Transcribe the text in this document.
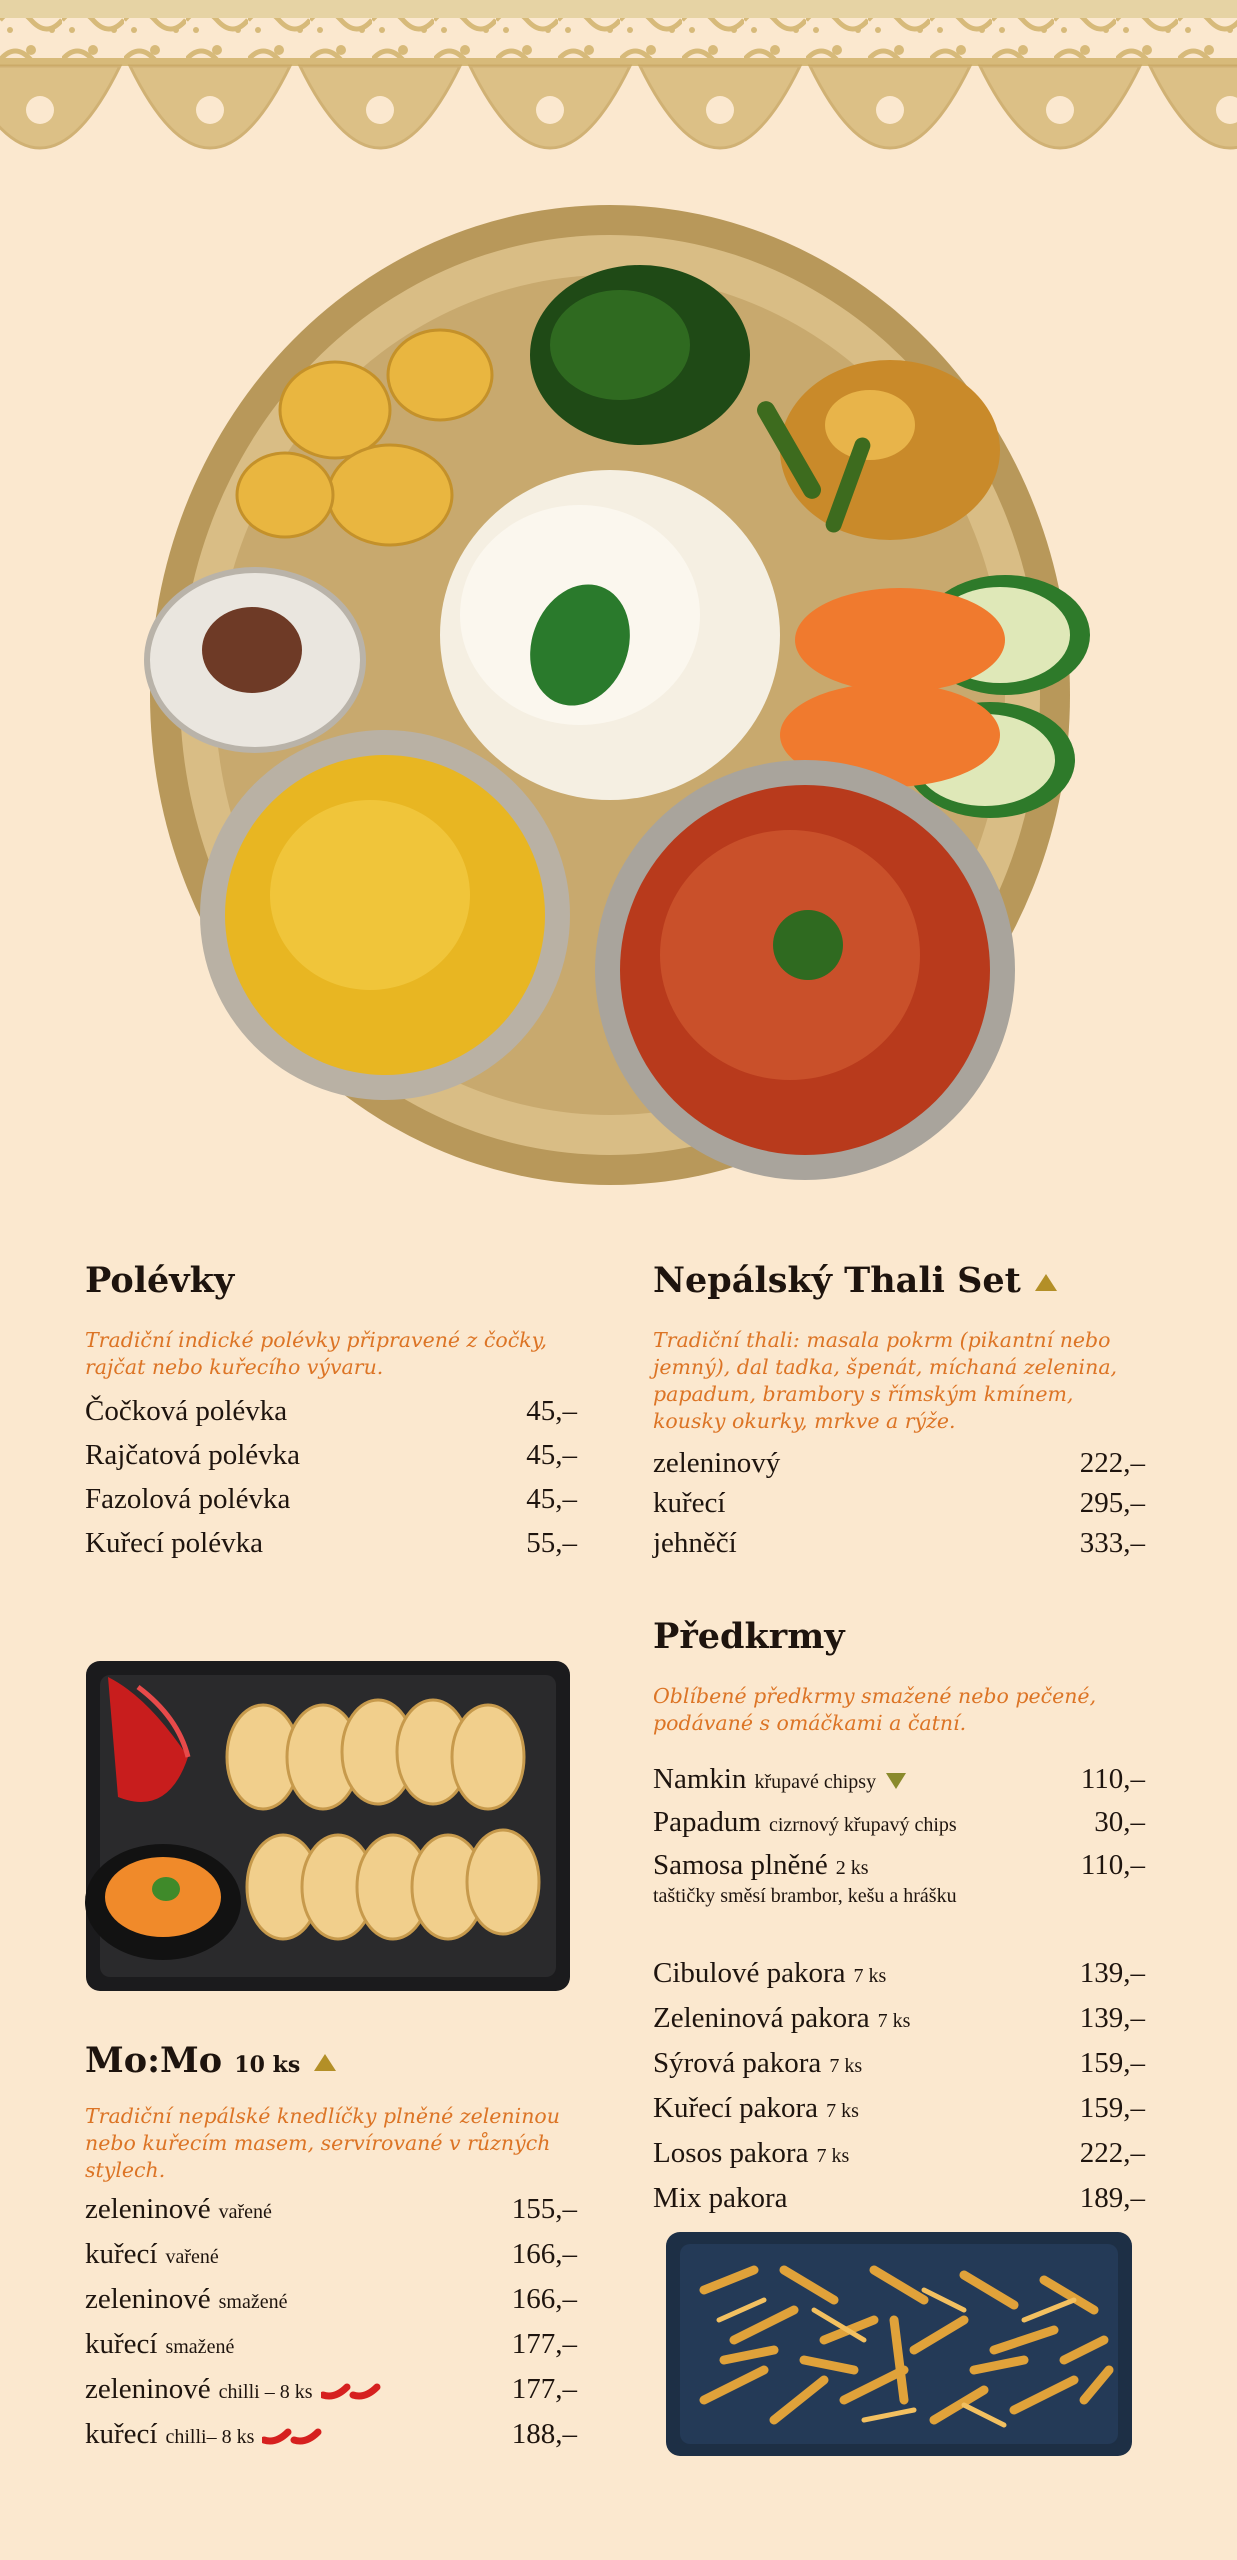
Polévky

Tradiční indické polévky připravené z čočky, rajčat nebo kuřecího vývaru.

Čočková polévka	45,–
Rajčatová polévka	45,–
Fazolová polévka	45,–
Kuřecí polévka	55,–
Mo:Mo 10 ks

Tradiční nepálské knedlíčky plněné zeleninou nebo kuřecím masem, servírované v různých stylech.

zeleninové vařené	155,–
kuřecí vařené	166,–
zeleninové smažené	166,–
kuřecí smažené	177,–
zeleninové chilli – 8 ks	177,–
kuřecí chilli– 8 ks	188,–
Nepálský Thali Set

Tradiční thali: masala pokrm (pikantní nebo jemný), dal tadka, špenát, míchaná zelenina, papadum, brambory s římským kmínem, kousky okurky, mrkve a rýže.

zeleninový	222,–
kuřecí	295,–
jehněčí	333,–
Předkrmy

Oblíbené předkrmy smažené nebo pečené, podávané s omáčkami a čatní.

Namkin křupavé chipsy	110,–
Papadum cizrnový křupavý chips	30,–
Samosa plněné 2 ks	110,–
taštičky směsí brambor, kešu a hrášku
Cibulové pakora 7 ks	139,–
Zeleninová pakora 7 ks	139,–
Sýrová pakora 7 ks	159,–
Kuřecí pakora 7 ks	159,–
Losos pakora 7 ks	222,–
Mix pakora	189,–
